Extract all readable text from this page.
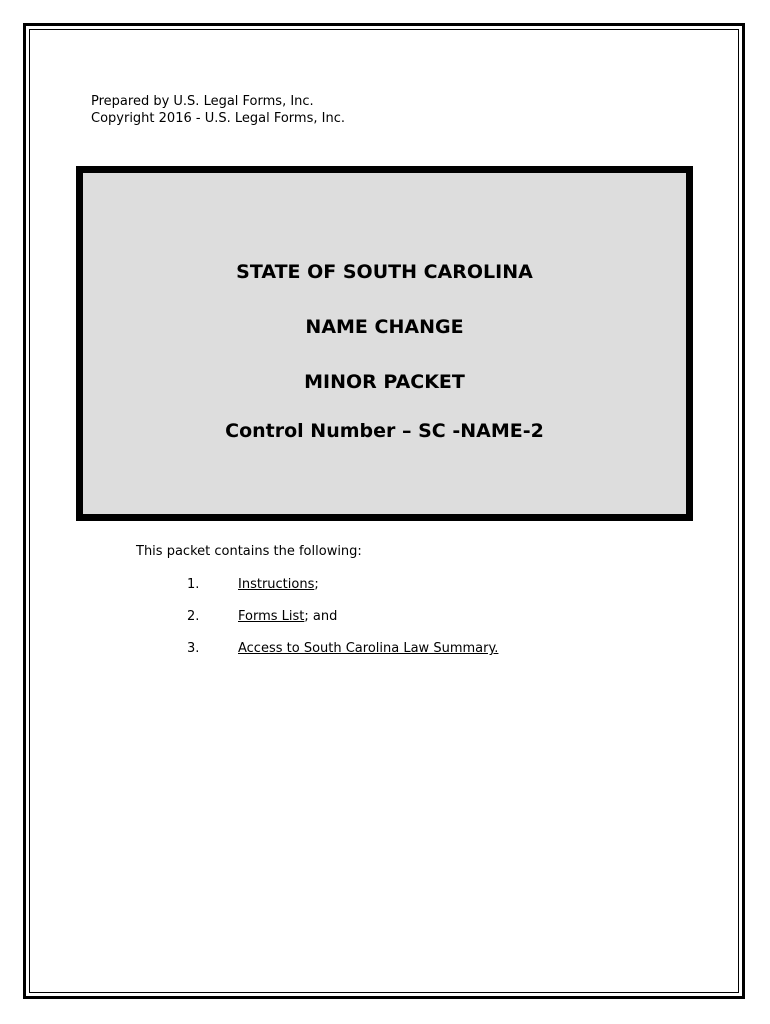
Prepared by U.S. Legal Forms, Inc.
Copyright 2016 - U.S. Legal Forms, Inc.
STATE OF SOUTH CAROLINA
NAME CHANGE
MINOR PACKET
Control Number – SC -NAME-2
This packet contains the following:
1.	Instructions;
2.	Forms List; and
3.	Access to South Carolina Law Summary.
